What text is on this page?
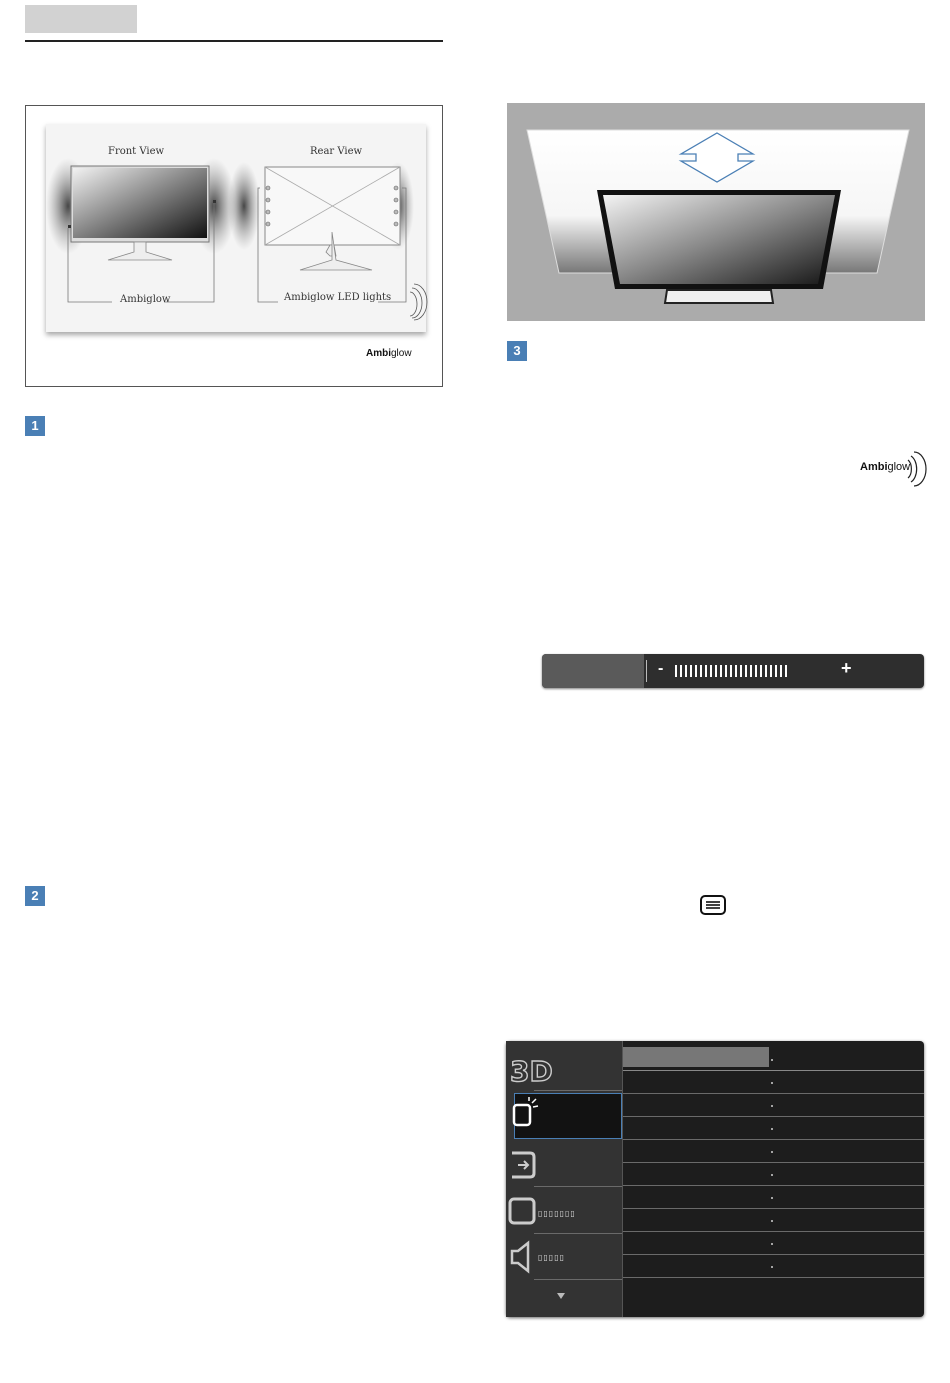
Front View	Rear View
Ambiglow	Ambiglow LED lights
Ambiglow
1
2
3
Ambiglow
-	+
3D
▯▯▯▯▯▯▯
▯▯▯▯▯
